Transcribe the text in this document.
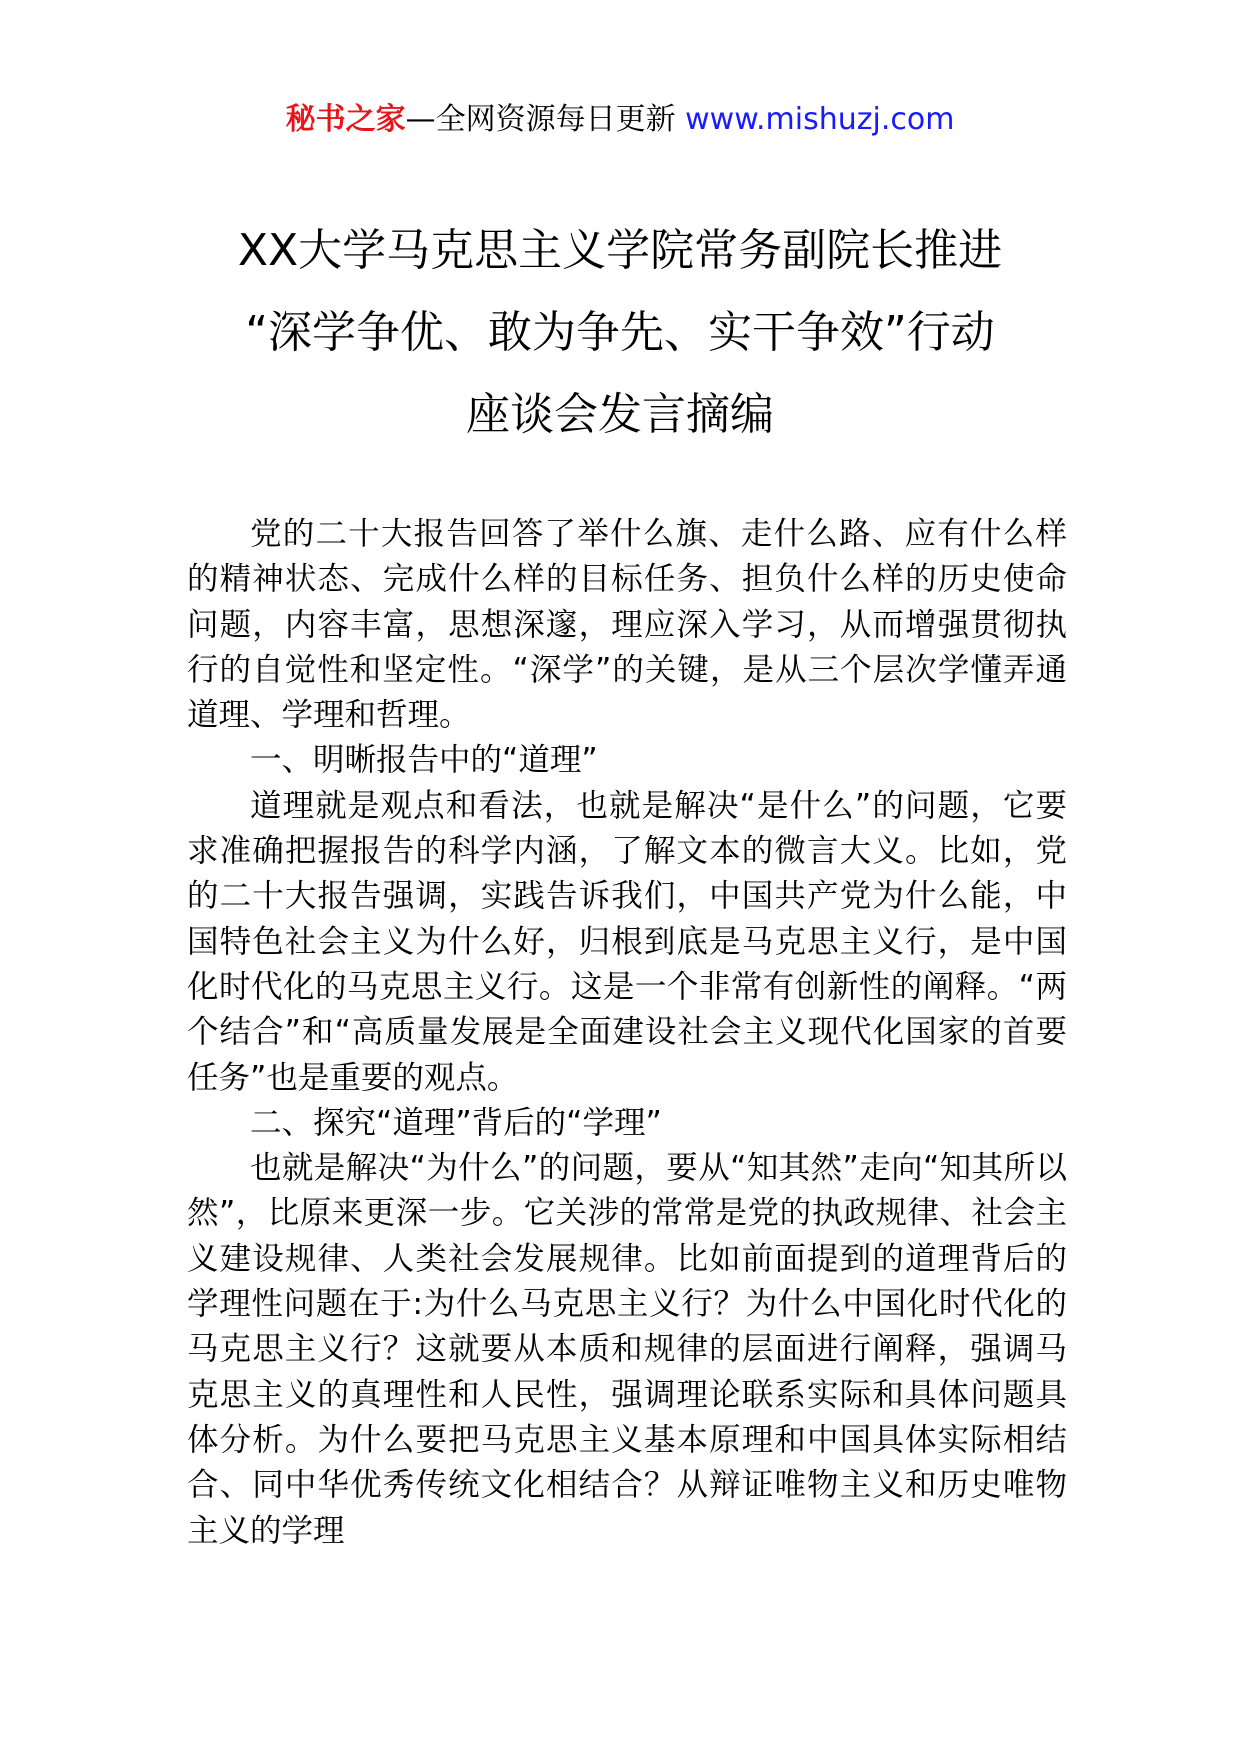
秘书之家—全网资源每日更新 www.mishuzj.com
XX大学马克思主义学院常务副院长推进
“深学争优、敢为争先、实干争效”行动
座谈会发言摘编

党的二十大报告回答了举什么旗、走什么路、应有什么样的精神状态、完成什么样的目标任务、担负什么样的历史使命问题，内容丰富，思想深邃，理应深入学习，从而增强贯彻执行的自觉性和坚定性。“深学”的关键，是从三个层次学懂弄通道理、学理和哲理。

一、明晰报告中的“道理”

道理就是观点和看法，也就是解决“是什么”的问题，它要求准确把握报告的科学内涵，了解文本的微言大义。比如，党的二十大报告强调，实践告诉我们，中国共产党为什么能，中国特色社会主义为什么好，归根到底是马克思主义行，是中国化时代化的马克思主义行。这是一个非常有创新性的阐释。“两个结合”和“高质量发展是全面建设社会主义现代化国家的首要任务”也是重要的观点。

二、探究“道理”背后的“学理”

也就是解决“为什么”的问题，要从“知其然”走向“知其所以然”，比原来更深一步。它关涉的常常是党的执政规律、社会主义建设规律、人类社会发展规律。比如前面提到的道理背后的学理性问题在于:为什么马克思主义行？为什么中国化时代化的马克思主义行？这就要从本质和规律的层面进行阐释，强调马克思主义的真理性和人民性，强调理论联系实际和具体问题具体分析。为什么要把马克思主义基本原理和中国具体实际相结合、同中华优秀传统文化相结合？从辩证唯物主义和历史唯物主义的学理
